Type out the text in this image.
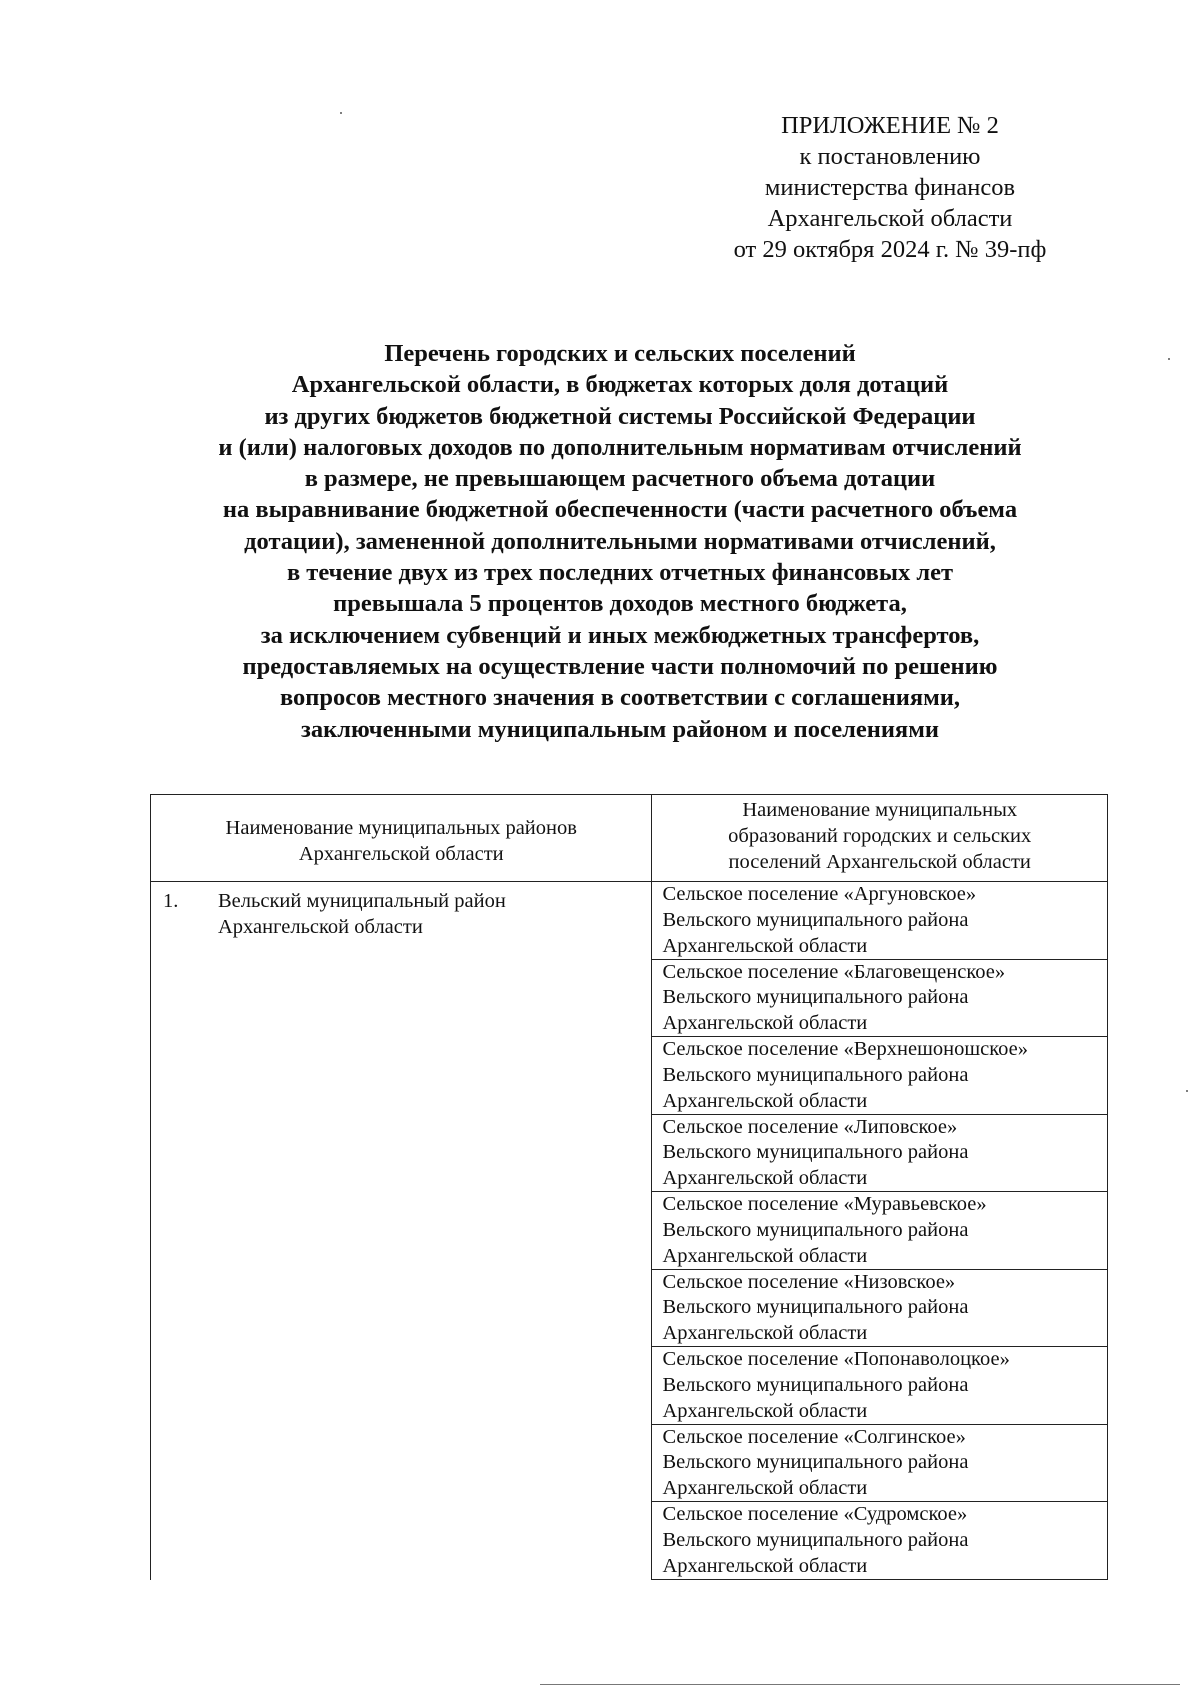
ПРИЛОЖЕНИЕ № 2
к постановлению
министерства финансов
Архангельской области
от 29 октября 2024 г. № 39-пф
Перечень городских и сельских поселений
Архангельской области, в бюджетах которых доля дотаций
из других бюджетов бюджетной системы Российской Федерации
и (или) налоговых доходов по дополнительным нормативам отчислений
в размере, не превышающем расчетного объема дотации
на выравнивание бюджетной обеспеченности (части расчетного объема
дотации), замененной дополнительными нормативами отчислений,
в течение двух из трех последних отчетных финансовых лет
превышала 5 процентов доходов местного бюджета,
за исключением субвенций и иных межбюджетных трансфертов,
предоставляемых на осуществление части полномочий по решению
вопросов местного значения в соответствии с соглашениями,
заключенными муниципальным районом и поселениями
Наименование муниципальных районов
Архангельской области
Наименование муниципальных
образований городских и сельских
поселений Архангельской области
1. Вельский муниципальный район
Архангельской области
Сельское поселение «Аргуновское»
Вельского муниципального района
Архангельской области
Сельское поселение «Благовещенское»
Вельского муниципального района
Архангельской области
Сельское поселение «Верхнешоношское»
Вельского муниципального района
Архангельской области
Сельское поселение «Липовское»
Вельского муниципального района
Архангельской области
Сельское поселение «Муравьевское»
Вельского муниципального района
Архангельской области
Сельское поселение «Низовское»
Вельского муниципального района
Архангельской области
Сельское поселение «Попонаволоцкое»
Вельского муниципального района
Архангельской области
Сельское поселение «Солгинское»
Вельского муниципального района
Архангельской области
Сельское поселение «Судромское»
Вельского муниципального района
Архангельской области
